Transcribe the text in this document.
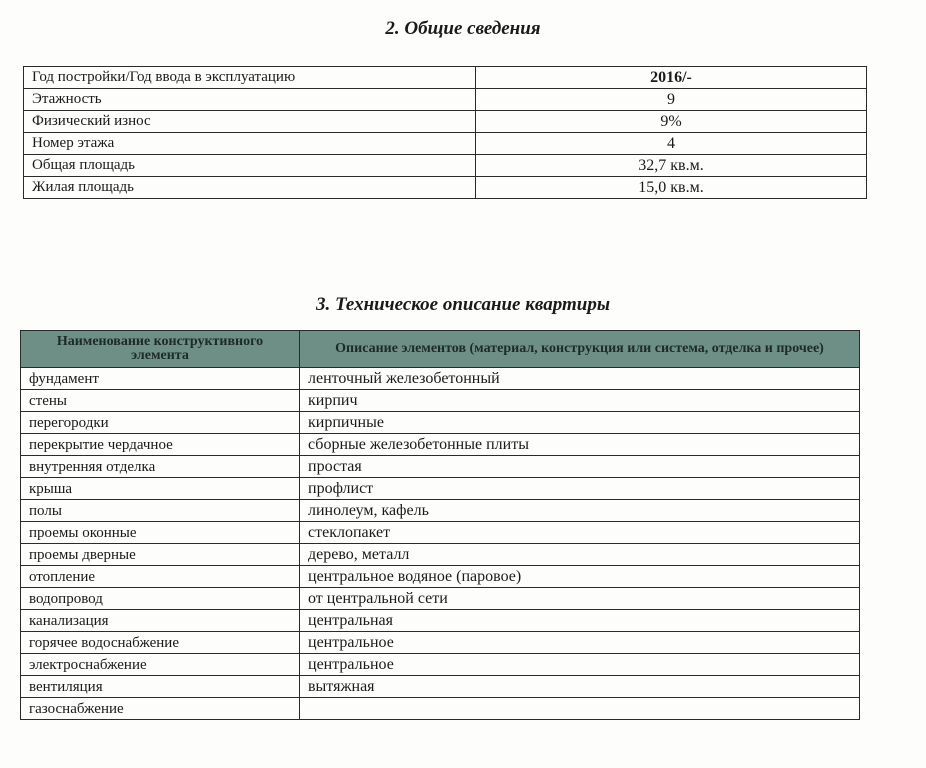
2. Общие сведения
Год постройки/Год ввода в эксплуатацию	2016/-
Этажность	9
Физический износ	9%
Номер этажа	4
Общая площадь	32,7 кв.м.
Жилая площадь	15,0 кв.м.
3. Техническое описание квартиры
Наименование конструктивного элемента	Описание элементов (материал, конструкция или система, отделка и прочее)
фундамент	ленточный железобетонный
стены	кирпич
перегородки	кирпичные
перекрытие чердачное	сборные железобетонные плиты
внутренняя отделка	простая
крыша	профлист
полы	линолеум, кафель
проемы оконные	стеклопакет
проемы дверные	дерево, металл
отопление	центральное водяное (паровое)
водопровод	от центральной сети
канализация	центральная
горячее водоснабжение	центральное
электроснабжение	центральное
вентиляция	вытяжная
газоснабжение	
